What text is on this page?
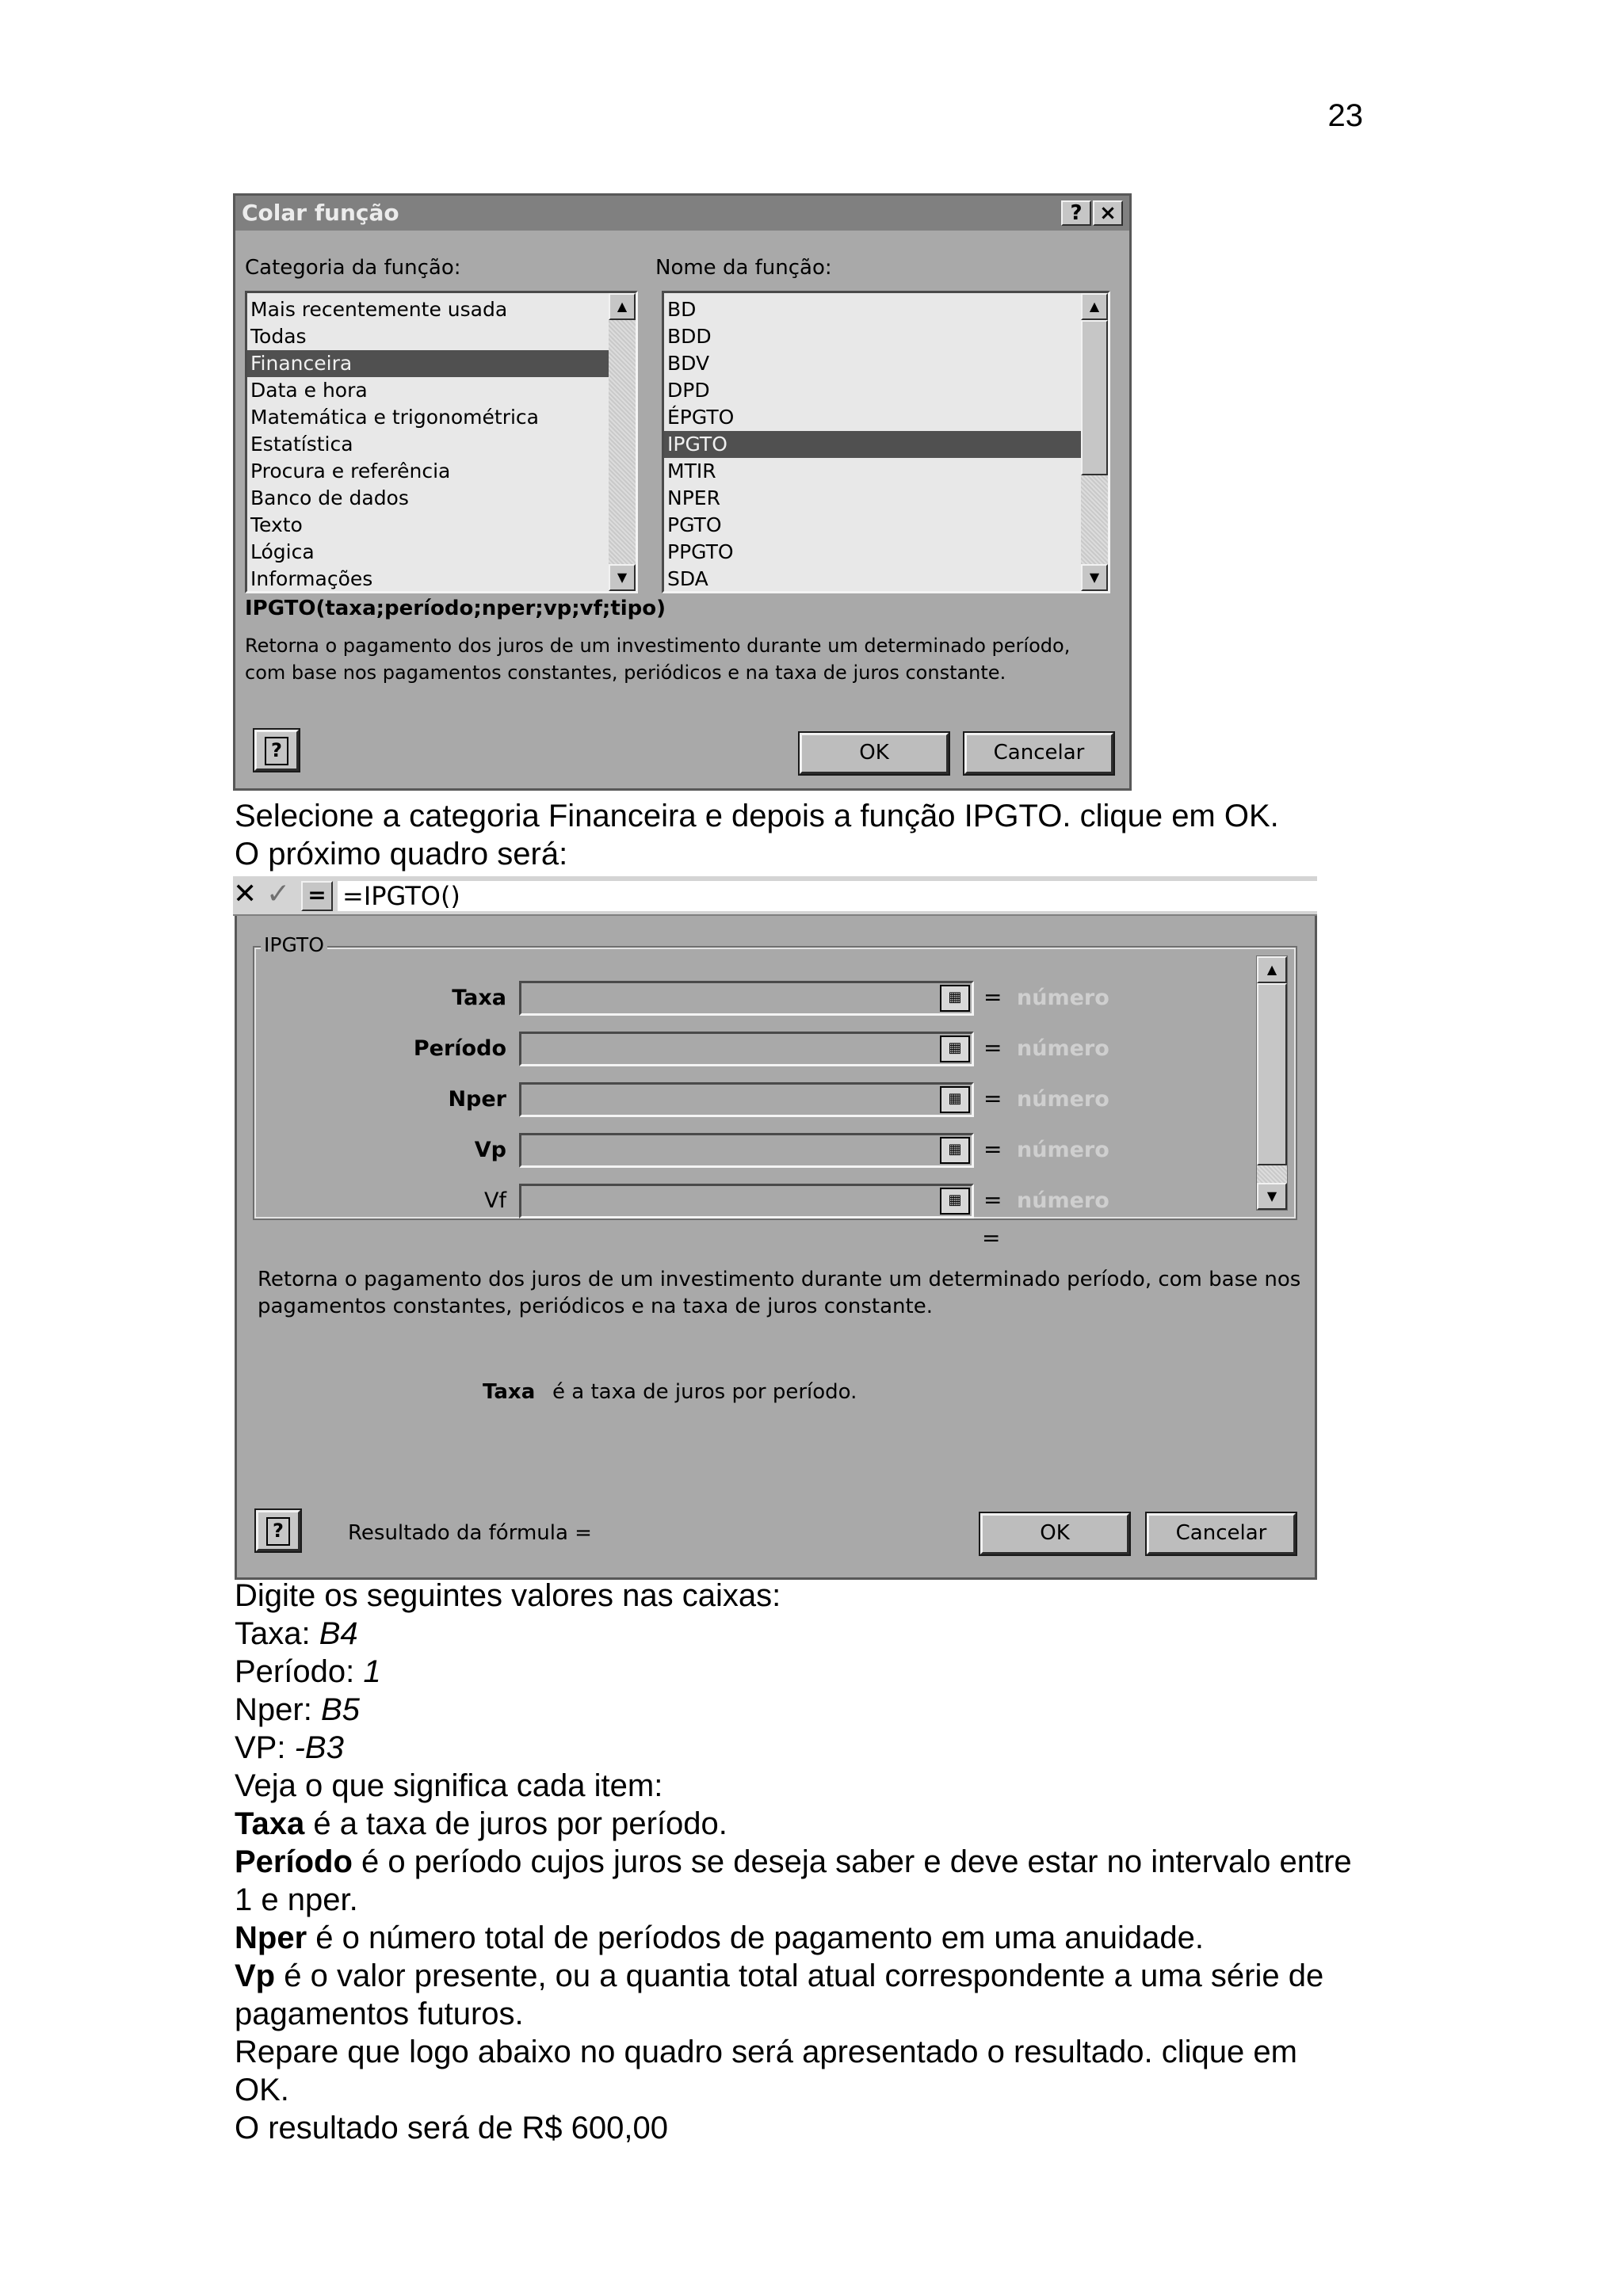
23
Colar função	? ×
Categoria da função:	Nome da função:
Mais recentemente usada
Todas
Financeira
Data e hora
Matemática e trigonométrica
Estatística
Procura e referência
Banco de dados
Texto
Lógica
Informações
▲
▼
BD
BDD
BDV
DPD
ÉPGTO
IPGTO
MTIR
NPER
PGTO
PPGTO
SDA
▲
▼
IPGTO(taxa;período;nper;vp;vf;tipo)
Retorna o pagamento dos juros de um investimento durante um determinado período,
com base nos pagamentos constantes, periódicos e na taxa de juros constante.
?	OK	Cancelar
Selecione a categoria Financeira e depois a função IPGTO. clique em OK.
O próximo quadro será:
✕ ✓ = =IPGTO()
IPGTO
Taxa	▦ = número
Período	▦ = número
Nper	▦ = número
Vp	▦ = número
Vf	▦ = número
▲
▼
=
Retorna o pagamento dos juros de um investimento durante um determinado período, com base nos
pagamentos constantes, periódicos e na taxa de juros constante.
Taxa é a taxa de juros por período.
?	Resultado da fórmula =	OK	Cancelar
Digite os seguintes valores nas caixas:
Taxa: B4
Período: 1
Nper: B5
VP: -B3
Veja o que significa cada item:
Taxa é a taxa de juros por período.
Período é o período cujos juros se deseja saber e deve estar no intervalo entre
1 e nper.
Nper é o número total de períodos de pagamento em uma anuidade.
Vp é o valor presente, ou a quantia total atual correspondente a uma série de
pagamentos futuros.
Repare que logo abaixo no quadro será apresentado o resultado. clique em
OK.
O resultado será de R$ 600,00
